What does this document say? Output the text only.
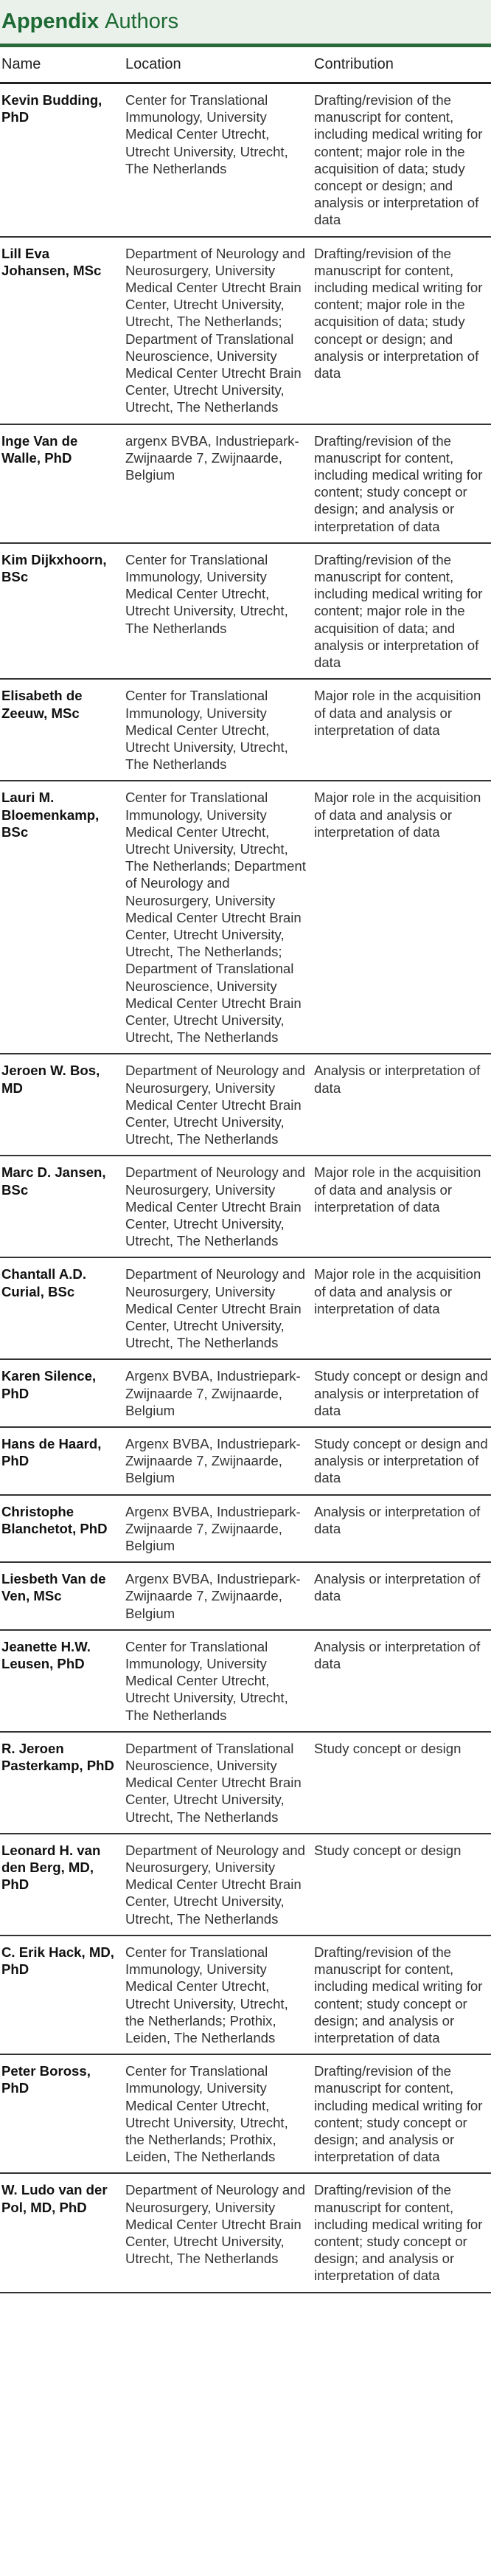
Appendix Authors
Name	Location	Contribution
Kevin Budding, PhD
Center for Translational Immunology, University Medical Center Utrecht, Utrecht University, Utrecht, The Netherlands
Drafting/revision of the manuscript for content, including medical writing for content; major role in the acquisition of data; study concept or design; and analysis or interpretation of data
Lill Eva Johansen, MSc
Department of Neurology and Neurosurgery, University Medical Center Utrecht Brain Center, Utrecht University, Utrecht, The Netherlands; Department of Translational Neuroscience, University Medical Center Utrecht Brain Center, Utrecht University, Utrecht, The Netherlands
Drafting/revision of the manuscript for content, including medical writing for content; major role in the acquisition of data; study concept or design; and analysis or interpretation of data
Inge Van de Walle, PhD
argenx BVBA, Industriepark-Zwijnaarde 7, Zwijnaarde, Belgium
Drafting/revision of the manuscript for content, including medical writing for content; study concept or design; and analysis or interpretation of data
Kim Dijkxhoorn, BSc
Center for Translational Immunology, University Medical Center Utrecht, Utrecht University, Utrecht, The Netherlands
Drafting/revision of the manuscript for content, including medical writing for content; major role in the acquisition of data; and analysis or interpretation of data
Elisabeth de Zeeuw, MSc
Center for Translational Immunology, University Medical Center Utrecht, Utrecht University, Utrecht, The Netherlands
Major role in the acquisition of data and analysis or interpretation of data
Lauri M. Bloemenkamp, BSc
Center for Translational Immunology, University Medical Center Utrecht, Utrecht University, Utrecht, The Netherlands; Department of Neurology and Neurosurgery, University Medical Center Utrecht Brain Center, Utrecht University, Utrecht, The Netherlands; Department of Translational Neuroscience, University Medical Center Utrecht Brain Center, Utrecht University, Utrecht, The Netherlands
Major role in the acquisition of data and analysis or interpretation of data
Jeroen W. Bos, MD
Department of Neurology and Neurosurgery, University Medical Center Utrecht Brain Center, Utrecht University, Utrecht, The Netherlands
Analysis or interpretation of data
Marc D. Jansen, BSc
Department of Neurology and Neurosurgery, University Medical Center Utrecht Brain Center, Utrecht University, Utrecht, The Netherlands
Major role in the acquisition of data and analysis or interpretation of data
Chantall A.D. Curial, BSc
Department of Neurology and Neurosurgery, University Medical Center Utrecht Brain Center, Utrecht University, Utrecht, The Netherlands
Major role in the acquisition of data and analysis or interpretation of data
Karen Silence, PhD
Argenx BVBA, Industriepark-Zwijnaarde 7, Zwijnaarde, Belgium
Study concept or design and analysis or interpretation of data
Hans de Haard, PhD
Argenx BVBA, Industriepark-Zwijnaarde 7, Zwijnaarde, Belgium
Study concept or design and analysis or interpretation of data
Christophe Blanchetot, PhD
Argenx BVBA, Industriepark-Zwijnaarde 7, Zwijnaarde, Belgium
Analysis or interpretation of data
Liesbeth Van de Ven, MSc
Argenx BVBA, Industriepark-Zwijnaarde 7, Zwijnaarde, Belgium
Analysis or interpretation of data
Jeanette H.W. Leusen, PhD
Center for Translational Immunology, University Medical Center Utrecht, Utrecht University, Utrecht, The Netherlands
Analysis or interpretation of data
R. Jeroen Pasterkamp, PhD
Department of Translational Neuroscience, University Medical Center Utrecht Brain Center, Utrecht University, Utrecht, The Netherlands
Study concept or design
Leonard H. van den Berg, MD, PhD
Department of Neurology and Neurosurgery, University Medical Center Utrecht Brain Center, Utrecht University, Utrecht, The Netherlands
Study concept or design
C. Erik Hack, MD, PhD
Center for Translational Immunology, University Medical Center Utrecht, Utrecht University, Utrecht, the Netherlands; Prothix, Leiden, The Netherlands
Drafting/revision of the manuscript for content, including medical writing for content; study concept or design; and analysis or interpretation of data
Peter Boross, PhD
Center for Translational Immunology, University Medical Center Utrecht, Utrecht University, Utrecht, the Netherlands; Prothix, Leiden, The Netherlands
Drafting/revision of the manuscript for content, including medical writing for content; study concept or design; and analysis or interpretation of data
W. Ludo van der Pol, MD, PhD
Department of Neurology and Neurosurgery, University Medical Center Utrecht Brain Center, Utrecht University, Utrecht, The Netherlands
Drafting/revision of the manuscript for content, including medical writing for content; study concept or design; and analysis or interpretation of data
